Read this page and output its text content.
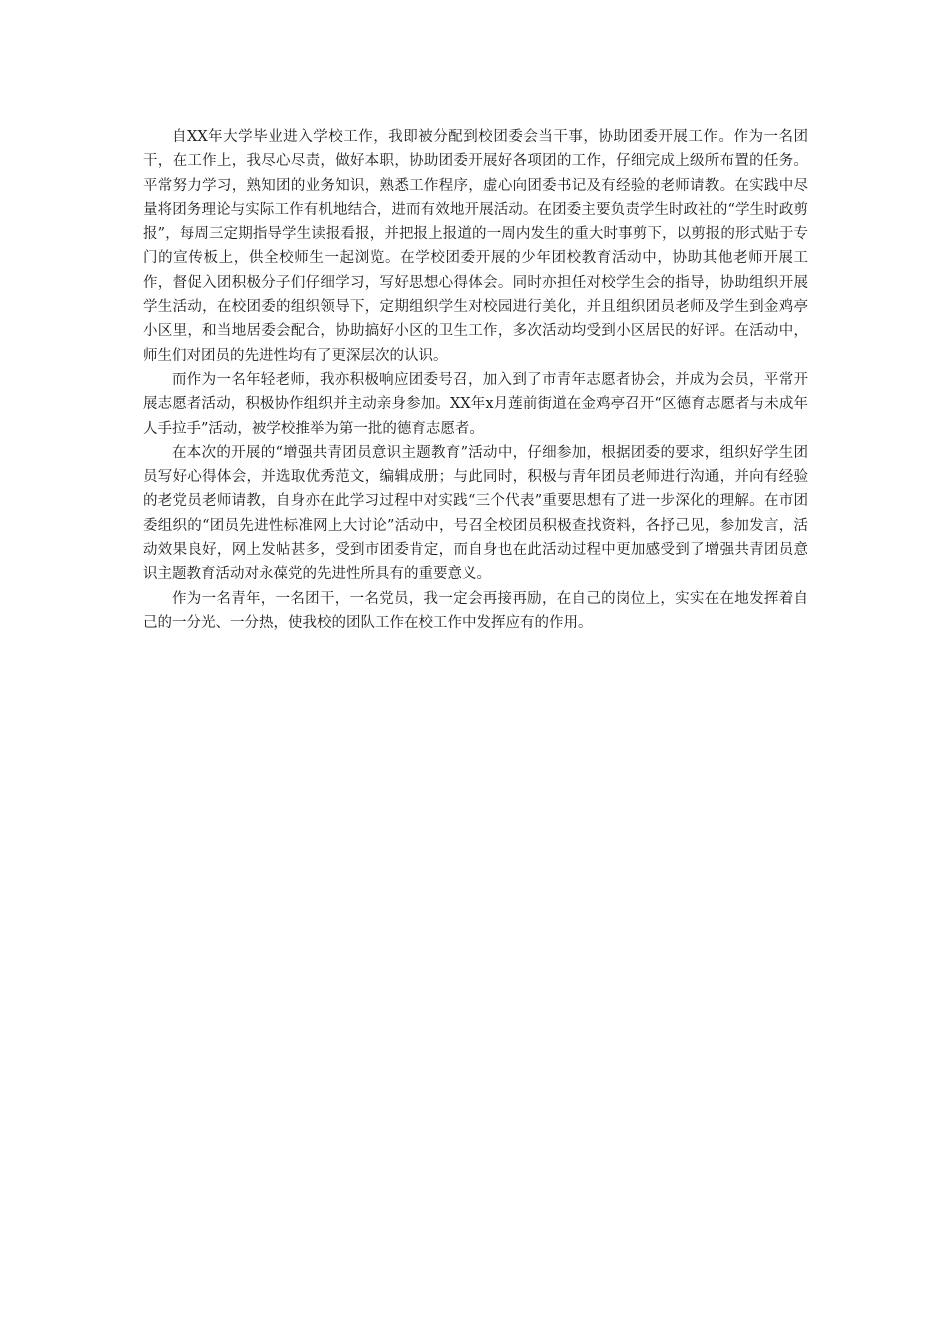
自XX年大学毕业进入学校工作，我即被分配到校团委会当干事，协助团委开展工作。作为一名团干，在工作上，我尽心尽责，做好本职，协助团委开展好各项团的工作，仔细完成上级所布置的任务。平常努力学习，熟知团的业务知识，熟悉工作程序，虚心向团委书记及有经验的老师请教。在实践中尽量将团务理论与实际工作有机地结合，进而有效地开展活动。在团委主要负责学生时政社的“学生时政剪报”，每周三定期指导学生读报看报，并把报上报道的一周内发生的重大时事剪下，以剪报的形式贴于专门的宣传板上，供全校师生一起浏览。在学校团委开展的少年团校教育活动中，协助其他老师开展工作，督促入团积极分子们仔细学习，写好思想心得体会。同时亦担任对校学生会的指导，协助组织开展学生活动，在校团委的组织领导下，定期组织学生对校园进行美化，并且组织团员老师及学生到金鸡亭小区里，和当地居委会配合，协助搞好小区的卫生工作，多次活动均受到小区居民的好评。在活动中，师生们对团员的先进性均有了更深层次的认识。

而作为一名年轻老师，我亦积极响应团委号召，加入到了市青年志愿者协会，并成为会员，平常开展志愿者活动，积极协作组织并主动亲身参加。XX年x月莲前街道在金鸡亭召开“区德育志愿者与未成年人手拉手”活动，被学校推举为第一批的德育志愿者。

在本次的开展的“增强共青团员意识主题教育”活动中，仔细参加，根据团委的要求，组织好学生团员写好心得体会，并选取优秀范文，编辑成册；与此同时，积极与青年团员老师进行沟通，并向有经验的老党员老师请教，自身亦在此学习过程中对实践“三个代表”重要思想有了进一步深化的理解。在市团委组织的“团员先进性标准网上大讨论”活动中，号召全校团员积极查找资料，各抒己见，参加发言，活动效果良好，网上发帖甚多，受到市团委肯定，而自身也在此活动过程中更加感受到了增强共青团员意识主题教育活动对永葆党的先进性所具有的重要意义。

作为一名青年，一名团干，一名党员，我一定会再接再励，在自己的岗位上，实实在在地发挥着自己的一分光、一分热，使我校的团队工作在校工作中发挥应有的作用。
